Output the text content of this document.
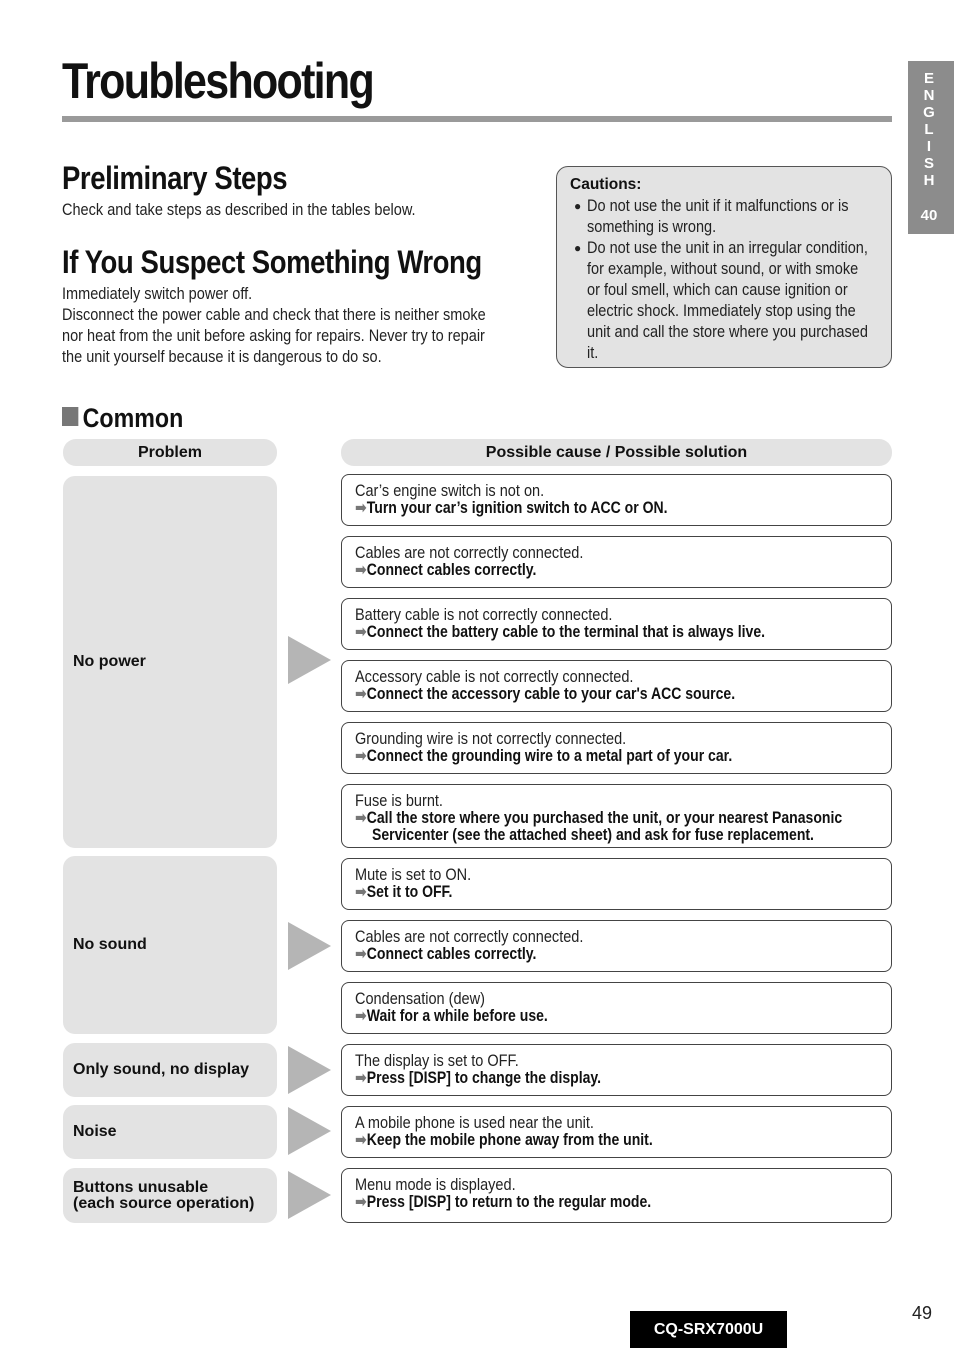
Troubleshooting	E
N
G
L
I
S
H
40
Preliminary Steps
Check and take steps as described in the tables below.
If You Suspect Something Wrong
Immediately switch power off.
Disconnect the power cable and check that there is neither smoke
nor heat from the unit before asking for repairs. Never try to repair
the unit yourself because it is dangerous to do so.
Cautions:
● Do not use the unit if it malfunctions or is
something is wrong.
● Do not use the unit in an irregular condition,
for example, without sound, or with smoke
or foul smell, which can cause ignition or
electric shock. Immediately stop using the
unit and call the store where you purchased
it.
Common
Problem	Possible cause / Possible solution
No power
No sound
Only sound, no display
Noise
Buttons unusable
(each source operation)
Car’s engine switch is not on.
➡Turn your car’s ignition switch to ACC or ON.
Cables are not correctly connected.
➡Connect cables correctly.
Battery cable is not correctly connected.
➡Connect the battery cable to the terminal that is always live.
Accessory cable is not correctly connected.
➡Connect the accessory cable to your car's ACC source.
Grounding wire is not correctly connected.
➡Connect the grounding wire to a metal part of your car.
Fuse is burnt.
➡Call the store where you purchased the unit, or your nearest Panasonic
Servicenter (see the attached sheet) and ask for fuse replacement.
Mute is set to ON.
➡Set it to OFF.
Cables are not correctly connected.
➡Connect cables correctly.
Condensation (dew)
➡Wait for a while before use.
The display is set to OFF.
➡Press [DISP] to change the display.
A mobile phone is used near the unit.
➡Keep the mobile phone away from the unit.
Menu mode is displayed.
➡Press [DISP] to return to the regular mode.
49
CQ-SRX7000U
